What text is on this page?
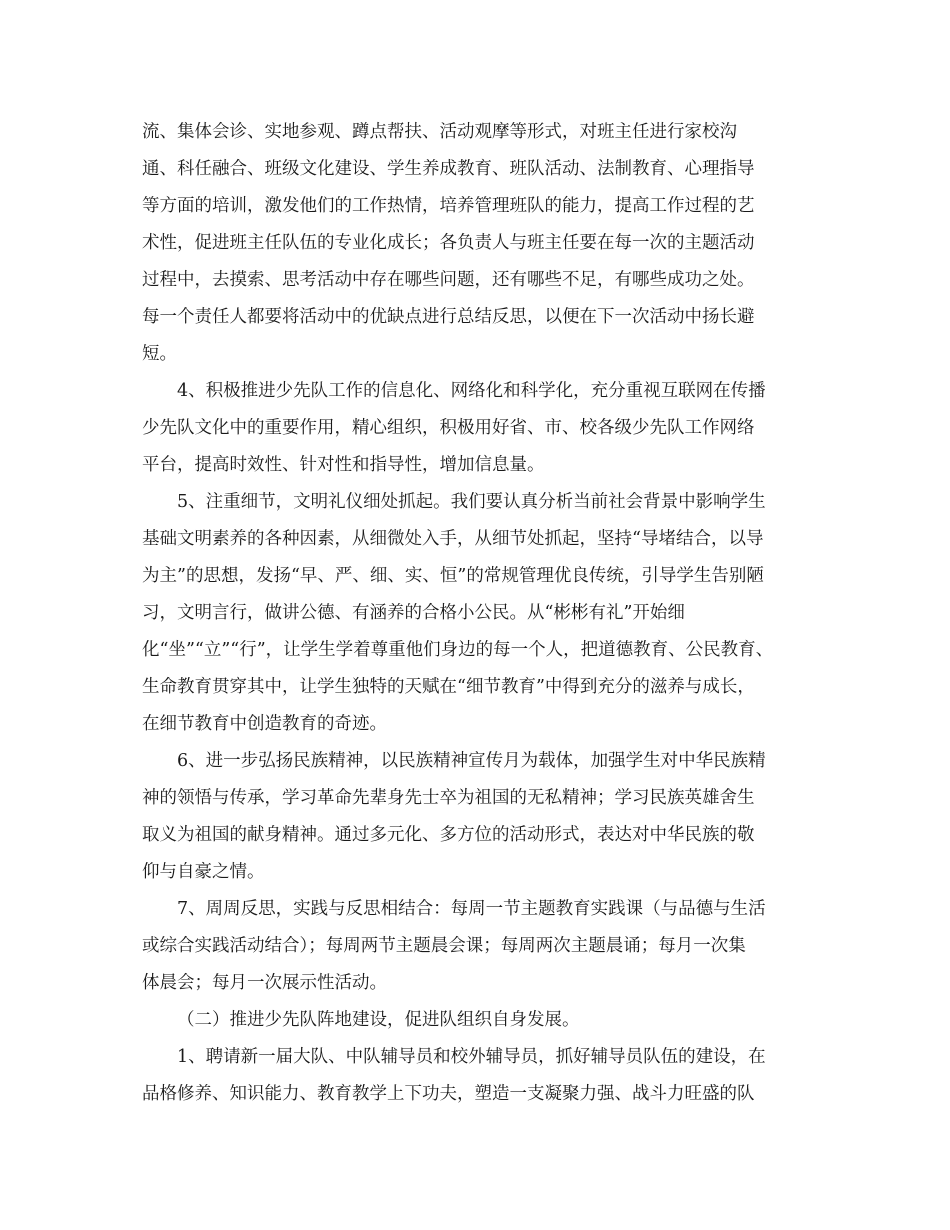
流、集体会诊、实地参观、蹲点帮扶、活动观摩等形式，对班主任进行家校沟
通、科任融合、班级文化建设、学生养成教育、班队活动、法制教育、心理指导
等方面的培训，激发他们的工作热情，培养管理班队的能力，提高工作过程的艺
术性，促进班主任队伍的专业化成长；各负责人与班主任要在每一次的主题活动
过程中，去摸索、思考活动中存在哪些问题，还有哪些不足，有哪些成功之处。
每一个责任人都要将活动中的优缺点进行总结反思，以便在下一次活动中扬长避
短。
4、积极推进少先队工作的信息化、网络化和科学化，充分重视互联网在传播
少先队文化中的重要作用，精心组织，积极用好省、市、校各级少先队工作网络
平台，提高时效性、针对性和指导性，增加信息量。
5、注重细节，文明礼仪细处抓起。我们要认真分析当前社会背景中影响学生
基础文明素养的各种因素，从细微处入手，从细节处抓起，坚持“导堵结合，以导
为主”的思想，发扬“早、严、细、实、恒”的常规管理优良传统，引导学生告别陋
习，文明言行，做讲公德、有涵养的合格小公民。从“彬彬有礼”开始细
化“坐”“立”“行”，让学生学着尊重他们身边的每一个人，把道德教育、公民教育、
生命教育贯穿其中，让学生独特的天赋在“细节教育”中得到充分的滋养与成长，
在细节教育中创造教育的奇迹。
6、进一步弘扬民族精神，以民族精神宣传月为载体，加强学生对中华民族精
神的领悟与传承，学习革命先辈身先士卒为祖国的无私精神；学习民族英雄舍生
取义为祖国的献身精神。通过多元化、多方位的活动形式，表达对中华民族的敬
仰与自豪之情。
7、周周反思，实践与反思相结合：每周一节主题教育实践课（与品德与生活
或综合实践活动结合）；每周两节主题晨会课；每周两次主题晨诵；每月一次集
体晨会；每月一次展示性活动。
（二）推进少先队阵地建设，促进队组织自身发展。
1、聘请新一届大队、中队辅导员和校外辅导员，抓好辅导员队伍的建设，在
品格修养、知识能力、教育教学上下功夫，塑造一支凝聚力强、战斗力旺盛的队
